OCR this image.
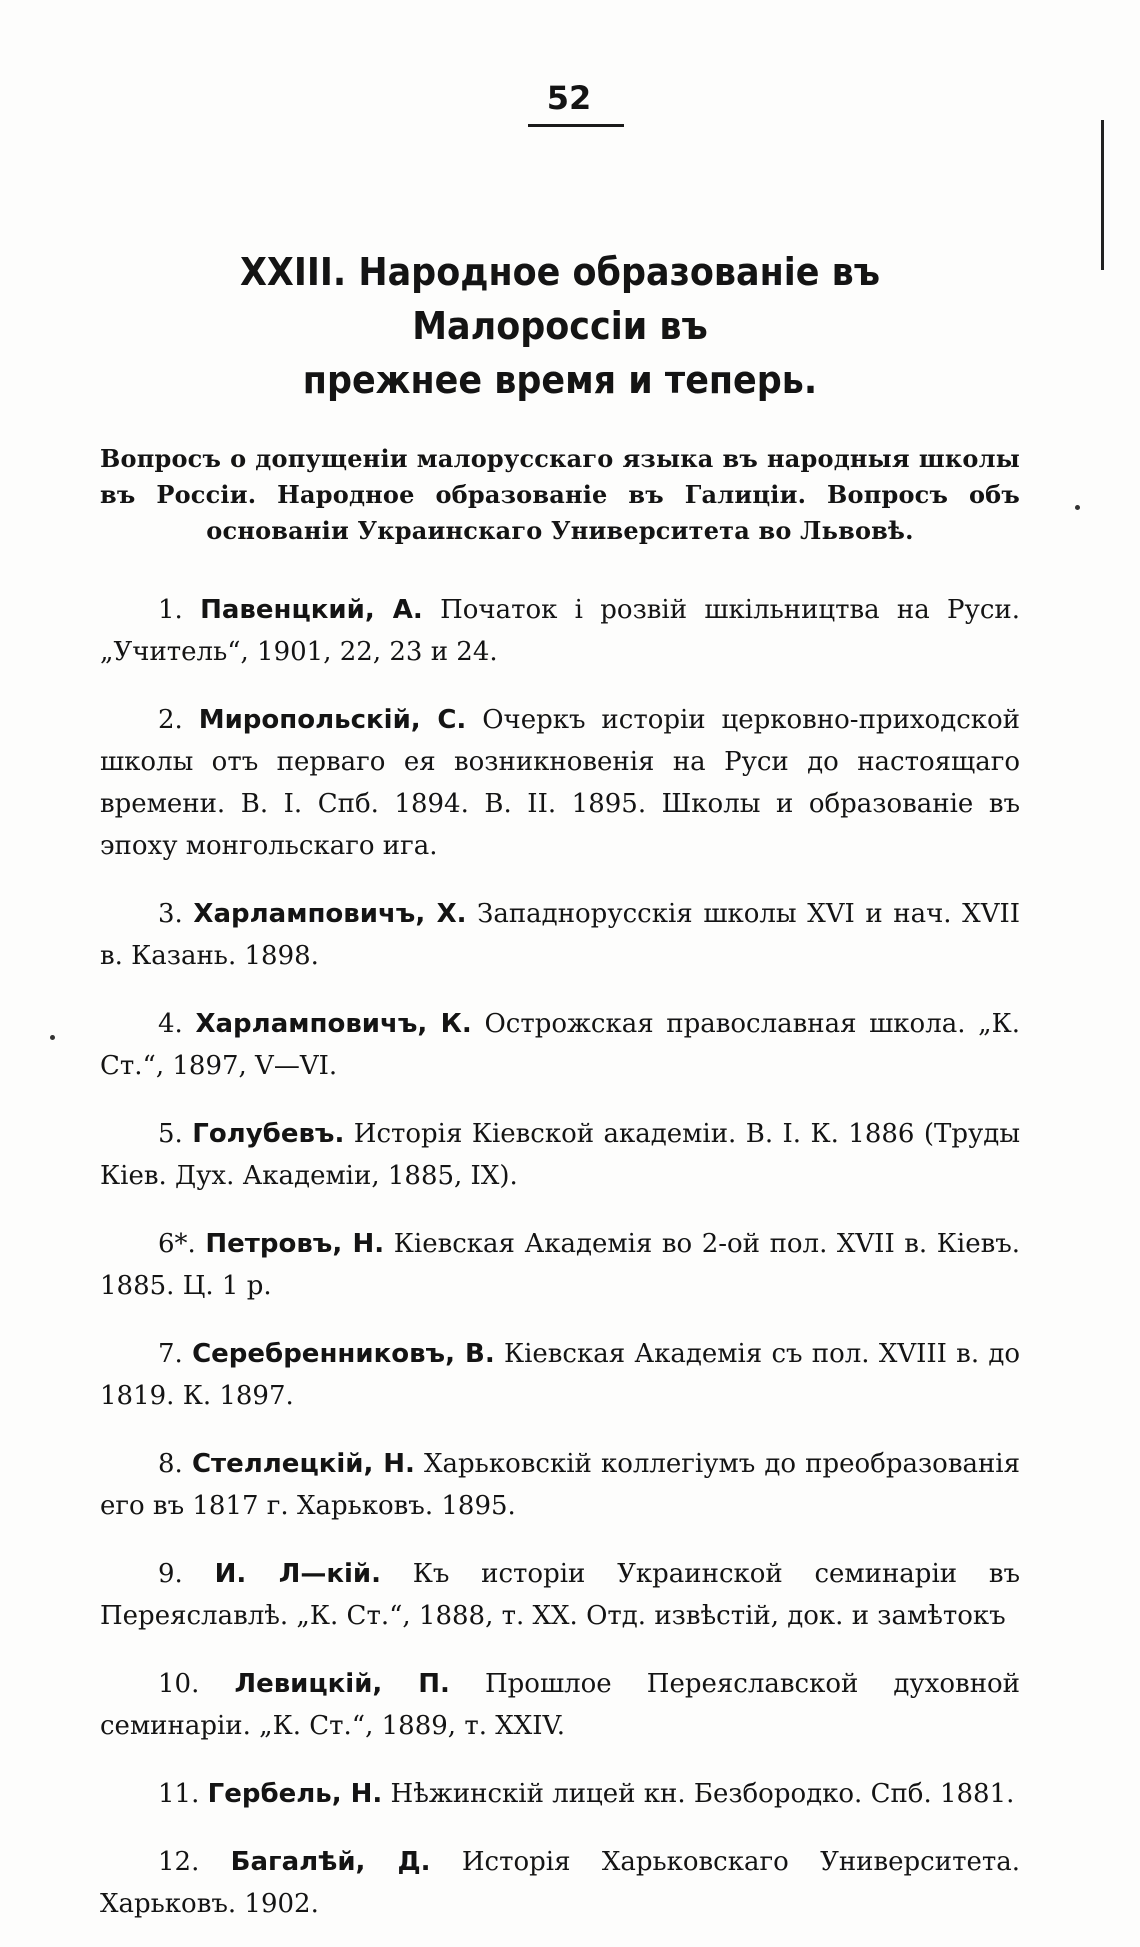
52
XXIII. Народное образованіе въ Малороссіи въ
прежнее время и теперь.
Вопросъ о допущеніи малорусскаго языка въ народныя школы въ Россіи. Народное образованіе въ Галиціи. Вопросъ объ основаніи Украинскаго Университета во Львовѣ.

1. Павенцкий, А. Початок і розвій шкільництва на Руси. „Учитель“, 1901, 22, 23 и 24.

2. Миропольскій, С. Очеркъ исторіи церковно-приходской школы отъ перваго ея возникновенія на Руси до настоящаго времени. В. I. Спб. 1894. В. II. 1895. Школы и образованіе въ эпоху монгольскаго ига.

3. Харламповичъ, Х. Западнорусскія школы XVI и нач. XVII в. Казань. 1898.

4. Харламповичъ, К. Острожская православная школа. „К. Ст.“, 1897, V—VI.

5. Голубевъ. Исторія Кіевской академіи. В. I. К. 1886 (Труды Кіев. Дух. Академіи, 1885, IX).

6*. Петровъ, Н. Кіевская Академія во 2-ой пол. XVII в. Кіевъ. 1885. Ц. 1 р.

7. Серебренниковъ, В. Кіевская Академія съ пол. XVIII в. до 1819. К. 1897.

8. Стеллецкій, Н. Харьковскій коллегіумъ до преобразованія его въ 1817 г. Харьковъ. 1895.

9. И. Л—кій. Къ исторіи Украинской семинаріи въ Переяславлѣ. „К. Ст.“, 1888, т. XX. Отд. извѣстій, док. и замѣтокъ

10. Левицкій, П. Прошлое Переяславской духовной семинаріи. „К. Ст.“, 1889, т. XXIV.

11. Гербель, Н. Нѣжинскій лицей кн. Безбородко. Спб. 1881.

12. Багалѣй, Д. Исторія Харьковскаго Университета. Харьковъ. 1902.
